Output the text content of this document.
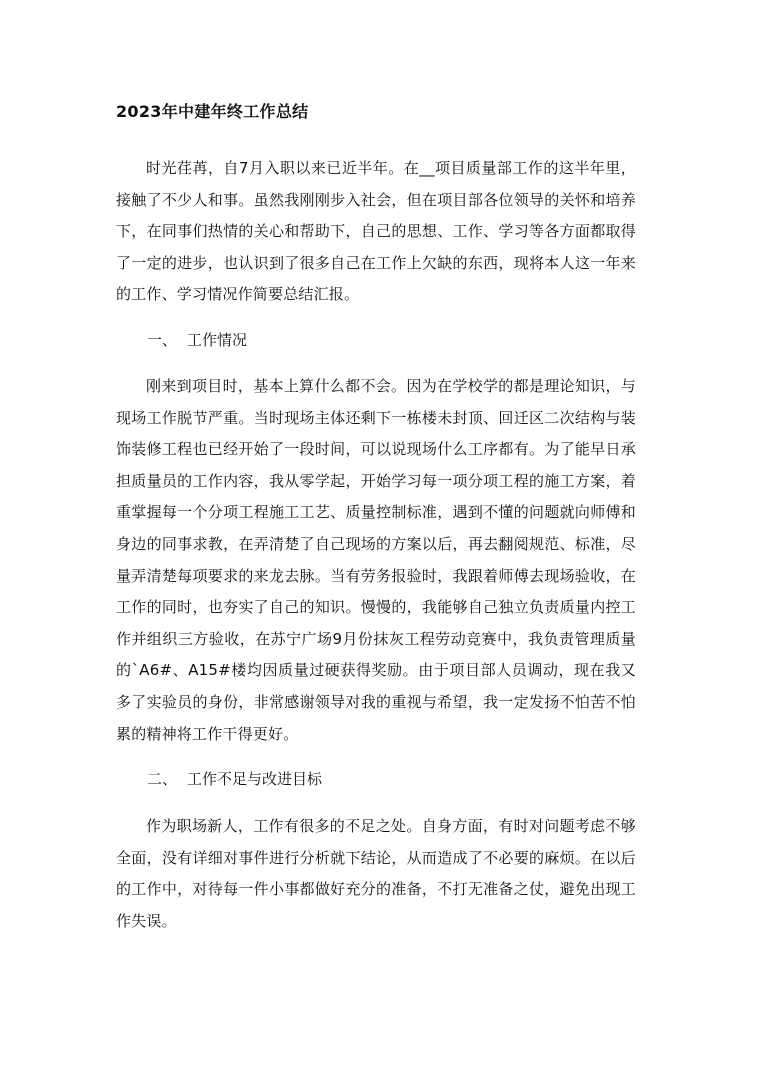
2023年中建年终工作总结

时光荏苒，自7月入职以来已近半年。在__项目质量部工作的这半年里，接触了不少人和事。虽然我刚刚步入社会，但在项目部各位领导的关怀和培养下，在同事们热情的关心和帮助下，自己的思想、工作、学习等各方面都取得了一定的进步，也认识到了很多自己在工作上欠缺的东西，现将本人这一年来的工作、学习情况作简要总结汇报。

一、 工作情况

刚来到项目时，基本上算什么都不会。因为在学校学的都是理论知识，与现场工作脱节严重。当时现场主体还剩下一栋楼未封顶、回迁区二次结构与装饰装修工程也已经开始了一段时间，可以说现场什么工序都有。为了能早日承担质量员的工作内容，我从零学起，开始学习每一项分项工程的施工方案，着重掌握每一个分项工程施工工艺、质量控制标准，遇到不懂的问题就向师傅和身边的同事求教，在弄清楚了自己现场的方案以后，再去翻阅规范、标准，尽量弄清楚每项要求的来龙去脉。当有劳务报验时，我跟着师傅去现场验收，在工作的同时，也夯实了自己的知识。慢慢的，我能够自己独立负责质量内控工作并组织三方验收，在苏宁广场9月份抹灰工程劳动竞赛中，我负责管理质量的`A6#、A15#楼均因质量过硬获得奖励。由于项目部人员调动，现在我又多了实验员的身份，非常感谢领导对我的重视与希望，我一定发扬不怕苦不怕累的精神将工作干得更好。

二、 工作不足与改进目标

作为职场新人，工作有很多的不足之处。自身方面，有时对问题考虑不够全面，没有详细对事件进行分析就下结论，从而造成了不必要的麻烦。在以后的工作中，对待每一件小事都做好充分的准备，不打无准备之仗，避免出现工作失误。
